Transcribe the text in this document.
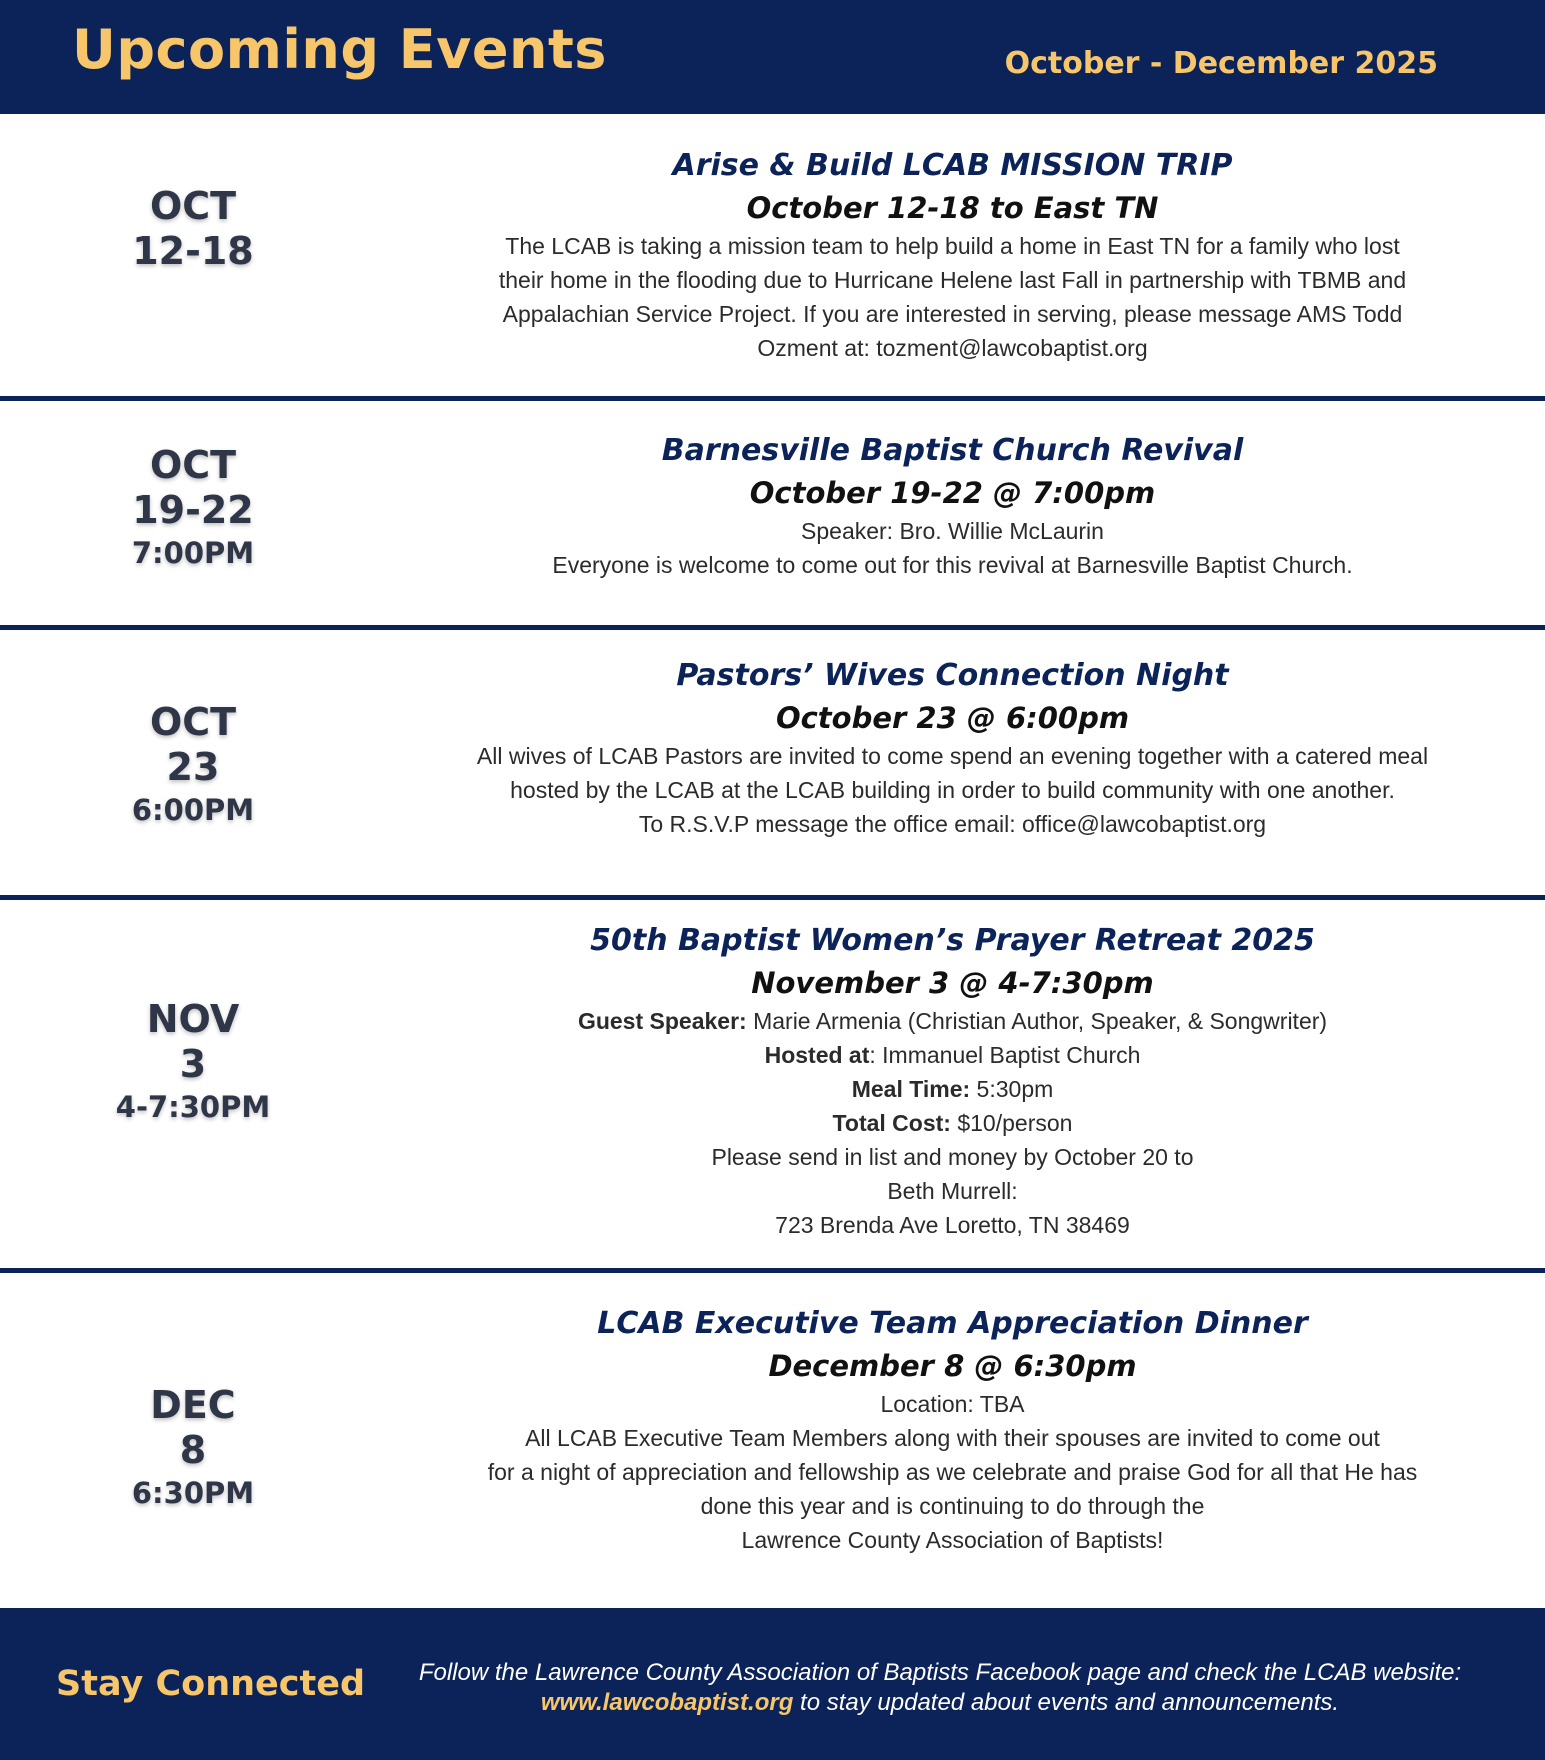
Upcoming Events	October - December 2025
OCT
12-18
Arise & Build LCAB MISSION TRIP
October 12-18 to East TN
The LCAB is taking a mission team to help build a home in East TN for a family who lost
their home in the flooding due to Hurricane Helene last Fall in partnership with TBMB and
Appalachian Service Project. If you are interested in serving, please message AMS Todd
Ozment at: tozment@lawcobaptist.org
OCT
19-22
7:00PM
Barnesville Baptist Church Revival
October 19-22 @ 7:00pm
Speaker: Bro. Willie McLaurin
Everyone is welcome to come out for this revival at Barnesville Baptist Church.
OCT
23
6:00PM
Pastors’ Wives Connection Night
October 23 @ 6:00pm
All wives of LCAB Pastors are invited to come spend an evening together with a catered meal
hosted by the LCAB at the LCAB building in order to build community with one another.
To R.S.V.P message the office email: office@lawcobaptist.org
NOV
3
4-7:30PM
50th Baptist Women’s Prayer Retreat 2025
November 3 @ 4-7:30pm
Guest Speaker: Marie Armenia (Christian Author, Speaker, & Songwriter)
Hosted at: Immanuel Baptist Church
Meal Time: 5:30pm
Total Cost: $10/person
Please send in list and money by October 20 to
Beth Murrell:
723 Brenda Ave Loretto, TN 38469
DEC
8
6:30PM
LCAB Executive Team Appreciation Dinner
December 8 @ 6:30pm
Location: TBA
All LCAB Executive Team Members along with their spouses are invited to come out
for a night of appreciation and fellowship as we celebrate and praise God for all that He has
done this year and is continuing to do through the
Lawrence County Association of Baptists!
Stay Connected	Follow the Lawrence County Association of Baptists Facebook page and check the LCAB website:
www.lawcobaptist.org to stay updated about events and announcements.
